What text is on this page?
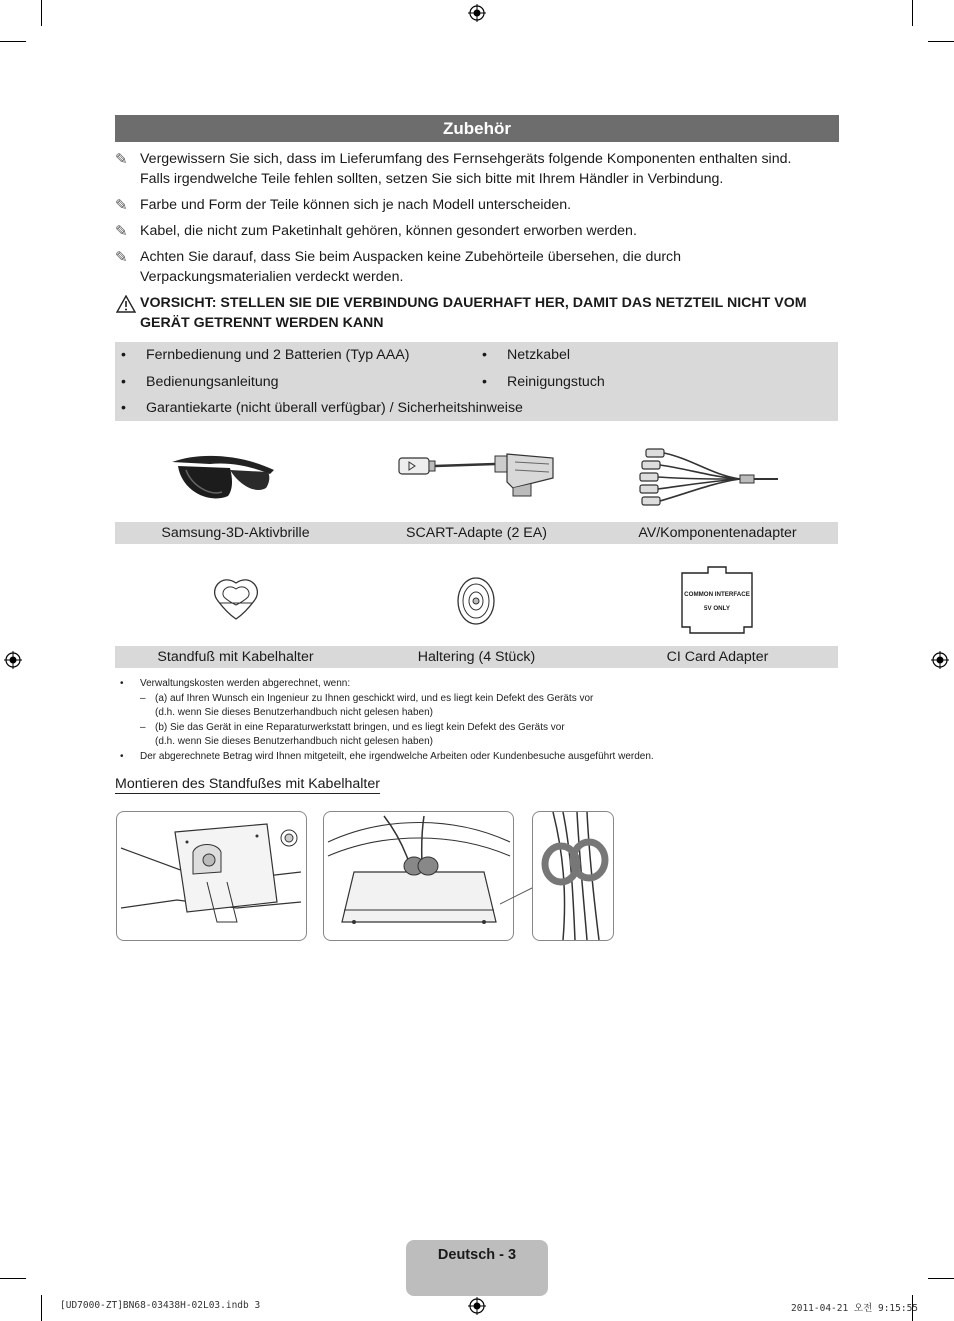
Zubehör
✎ Vergewissern Sie sich, dass im Lieferumfang des Fernsehgeräts folgende Komponenten enthalten sind.
Falls irgendwelche Teile fehlen sollten, setzen Sie sich bitte mit Ihrem Händler in Verbindung.
✎ Farbe und Form der Teile können sich je nach Modell unterscheiden.
✎ Kabel, die nicht zum Paketinhalt gehören, können gesondert erworben werden.
✎ Achten Sie darauf, dass Sie beim Auspacken keine Zubehörteile übersehen, die durch
Verpackungsmaterialien verdeckt werden.
VORSICHT: STELLEN SIE DIE VERBINDUNG DAUERHAFT HER, DAMIT DAS NETZTEIL NICHT VOM
GERÄT GETRENNT WERDEN KANN
• Fernbedienung und 2 Batterien (Typ AAA)	• Netzkabel
• Bedienungsanleitung	• Reinigungstuch
• Garantiekarte (nicht überall verfügbar) / Sicherheitshinweise
Samsung-3D-Aktivbrille	SCART-Adapte (2 EA)	AV/Komponentenadapter
COMMON INTERFACE
5V ONLY
Standfuß mit Kabelhalter	Haltering (4 Stück)	CI Card Adapter
• Verwaltungskosten werden abgerechnet, wenn:
– (a) auf Ihren Wunsch ein Ingenieur zu Ihnen geschickt wird, und es liegt kein Defekt des Geräts vor
(d.h. wenn Sie dieses Benutzerhandbuch nicht gelesen haben)
– (b) Sie das Gerät in eine Reparaturwerkstatt bringen, und es liegt kein Defekt des Geräts vor
(d.h. wenn Sie dieses Benutzerhandbuch nicht gelesen haben)
• Der abgerechnete Betrag wird Ihnen mitgeteilt, ehe irgendwelche Arbeiten oder Kundenbesuche ausgeführt werden.
Montieren des Standfußes mit Kabelhalter
Deutsch - 3
[UD7000-ZT]BN68-03438H-02L03.indb 3	2011-04-21 오전 9:15:55
